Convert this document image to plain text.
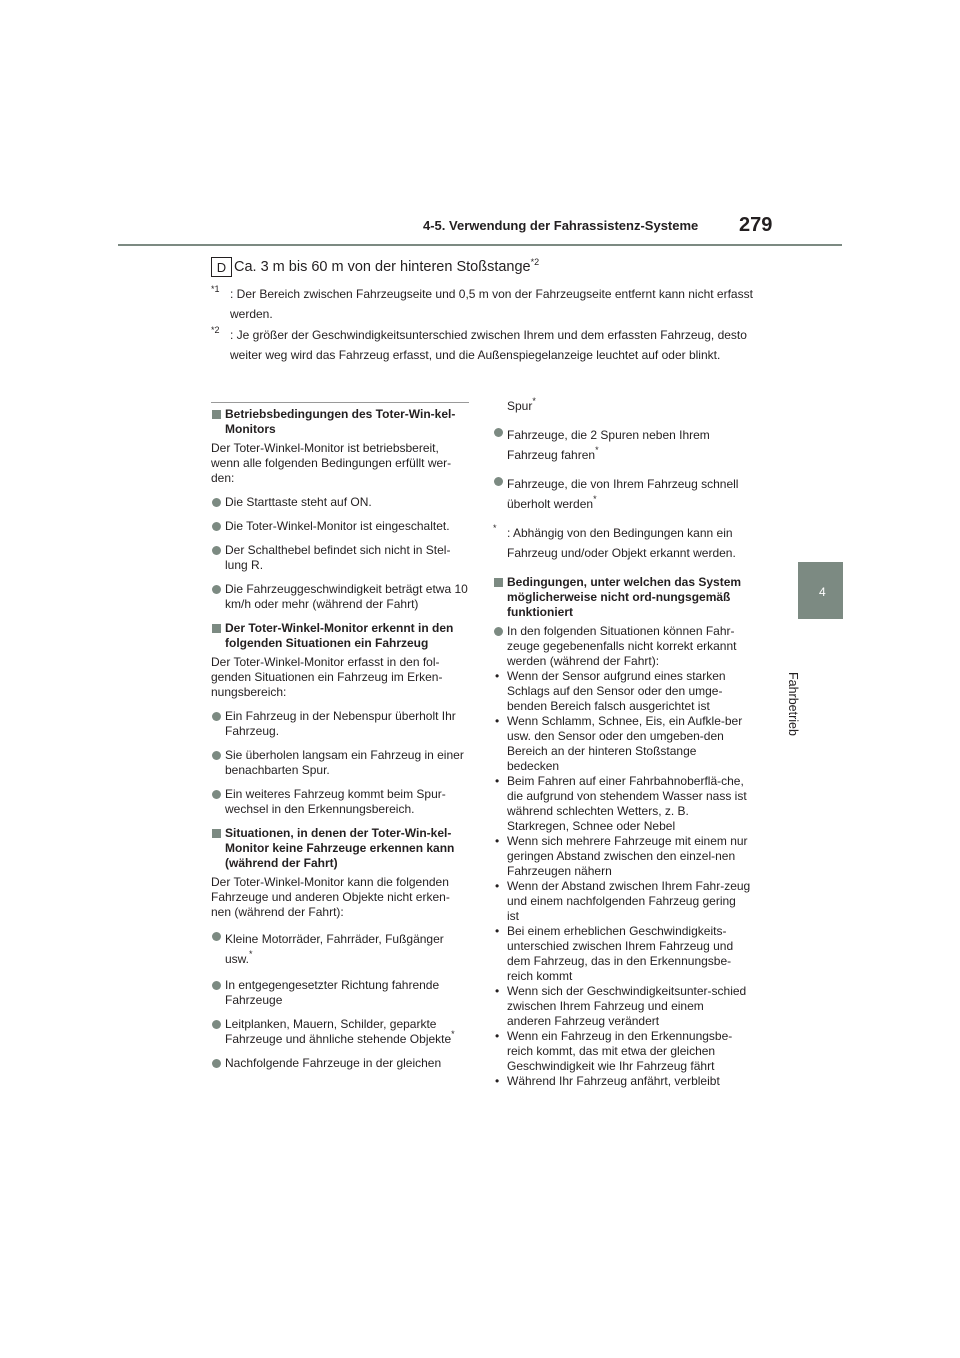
4-5. Verwendung der Fahrassistenz-Systeme 279
4
Fahrbetrieb
D Ca. 3 m bis 60 m von der hinteren Stoßstange$^{*2}$
$^{*1}$ : Der Bereich zwischen Fahrzeugseite und 0,5 m von der Fahrzeugseite entfernt kann nicht erfasst werden.
$^{*2}$ : Je größer der Geschwindigkeitsunterschied zwischen Ihrem und dem erfassten Fahrzeug, desto weiter weg wird das Fahrzeug erfasst, und die Außenspiegelanzeige leuchtet auf oder blinkt.

Betriebsbedingungen des Toter-Win-kel-Monitors

Der Toter-Winkel-Monitor ist betriebsbereit, wenn alle folgenden Bedingungen erfüllt wer-den:

Die Starttaste steht auf ON.

Die Toter-Winkel-Monitor ist eingeschaltet.

Der Schalthebel befindet sich nicht in Stel-lung R.

Die Fahrzeuggeschwindigkeit beträgt etwa 10 km/h oder mehr (während der Fahrt)

Der Toter-Winkel-Monitor erkennt in den folgenden Situationen ein Fahrzeug

Der Toter-Winkel-Monitor erfasst in den fol-genden Situationen ein Fahrzeug im Erken-nungsbereich:

Ein Fahrzeug in der Nebenspur überholt Ihr Fahrzeug.

Sie überholen langsam ein Fahrzeug in einer benachbarten Spur.

Ein weiteres Fahrzeug kommt beim Spur-wechsel in den Erkennungsbereich.

Situationen, in denen der Toter-Win-kel-Monitor keine Fahrzeuge erkennen kann (während der Fahrt)

Der Toter-Winkel-Monitor kann die folgenden Fahrzeuge und anderen Objekte nicht erken-nen (während der Fahrt):

Kleine Motorräder, Fahrräder, Fußgänger usw.*

In entgegengesetzter Richtung fahrende Fahrzeuge

Leitplanken, Mauern, Schilder, geparkte Fahrzeuge und ähnliche stehende Objekte*

Nachfolgende Fahrzeuge in der gleichen

Spur*

Fahrzeuge, die 2 Spuren neben Ihrem Fahrzeug fahren*

Fahrzeuge, die von Ihrem Fahrzeug schnell überholt werden*

* : Abhängig von den Bedingungen kann ein Fahrzeug und/oder Objekt erkannt werden.

Bedingungen, unter welchen das System möglicherweise nicht ord-nungsgemäß funktioniert

In den folgenden Situationen können Fahr-zeuge gegebenenfalls nicht korrekt erkannt werden (während der Fahrt):

• Wenn der Sensor aufgrund eines starken Schlags auf den Sensor oder den umge-benden Bereich falsch ausgerichtet ist

• Wenn Schlamm, Schnee, Eis, ein Aufkle-ber usw. den Sensor oder den umgeben-den Bereich an der hinteren Stoßstange bedecken

• Beim Fahren auf einer Fahrbahnoberflä-che, die aufgrund von stehendem Wasser nass ist während schlechten Wetters, z. B. Starkregen, Schnee oder Nebel

• Wenn sich mehrere Fahrzeuge mit einem nur geringen Abstand zwischen den einzel-nen Fahrzeugen nähern

• Wenn der Abstand zwischen Ihrem Fahr-zeug und einem nachfolgenden Fahrzeug gering ist

• Bei einem erheblichen Geschwindigkeits-unterschied zwischen Ihrem Fahrzeug und dem Fahrzeug, das in den Erkennungsbe-reich kommt

• Wenn sich der Geschwindigkeitsunter-schied zwischen Ihrem Fahrzeug und einem anderen Fahrzeug verändert

• Wenn ein Fahrzeug in den Erkennungsbe-reich kommt, das mit etwa der gleichen Geschwindigkeit wie Ihr Fahrzeug fährt

• Während Ihr Fahrzeug anfährt, verbleibt
